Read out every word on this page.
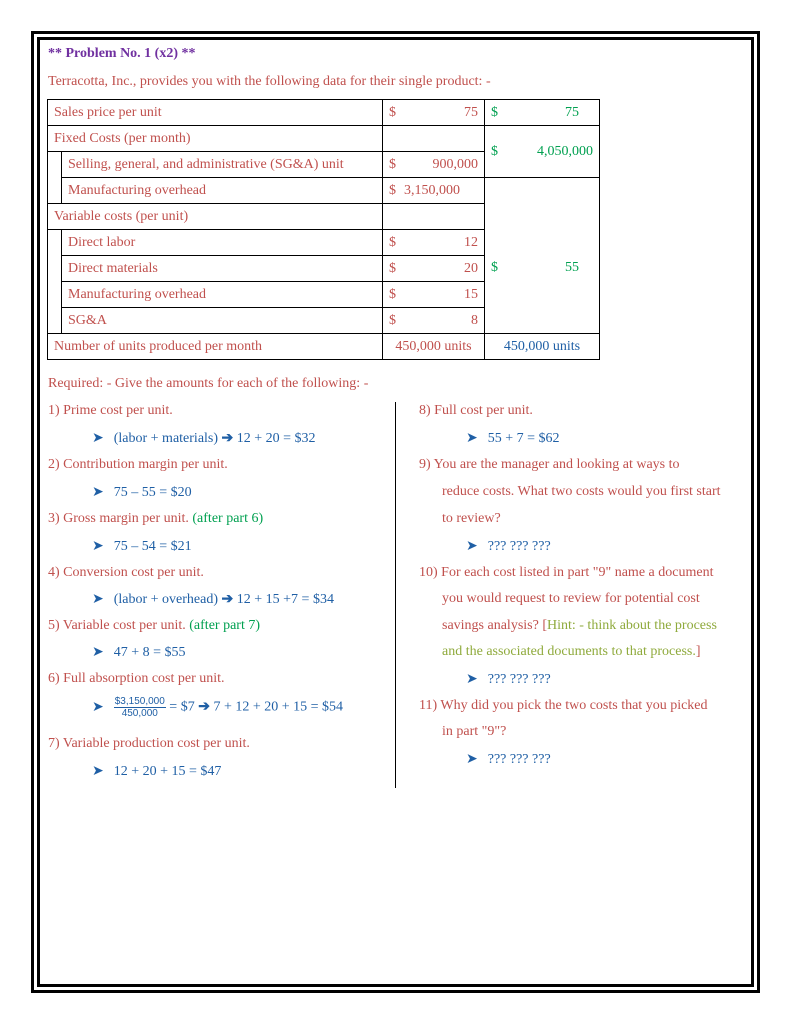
** Problem No. 1 (x2) **
Terracotta, Inc., provides you with the following data for their single product: -
Sales price per unit		$ 75	$ 75

Fixed Costs (per month)			$ 4,050,000

	Selling, general, and administrative (SG&A) unit	$ 900,000	

	Manufacturing overhead	$ 3,150,000	

Variable costs (per unit)			$ 55

	Direct labor	$ 12	

	Direct materials	$ 20	

	Manufacturing overhead	$ 15	

	SG&A	$ 8	

Number of units produced per month		450,000 units	450,000 units
Required: - Give the amounts for each of the following: -
1) Prime cost per unit.
➤ (labor + materials) ➔ 12 + 20 = $32
2) Contribution margin per unit.
➤ 75 – 55 = $20
3) Gross margin per unit. (after part 6)
➤ 75 – 54 = $21
4) Conversion cost per unit.
➤ (labor + overhead) ➔ 12 + 15 +7 = $34
5) Variable cost per unit. (after part 7)
➤ 47 + 8 = $55
6) Full absorption cost per unit.
➤ $\frac{\$3,150,000}{450,000}$ = $7 ➔ 7 + 12 + 20 + 15 = $54
7) Variable production cost per unit.
➤ 12 + 20 + 15 = $47
8) Full cost per unit.
➤ 55 + 7 = $62
9) You are the manager and looking at ways to
reduce costs. What two costs would you first start
to review?
➤ ??? ??? ???
10) For each cost listed in part "9" name a document
you would request to review for potential cost
savings analysis? [Hint: - think about the process
and the associated documents to that process.]
➤ ??? ??? ???
11) Why did you pick the two costs that you picked
in part "9"?
➤ ??? ??? ???
